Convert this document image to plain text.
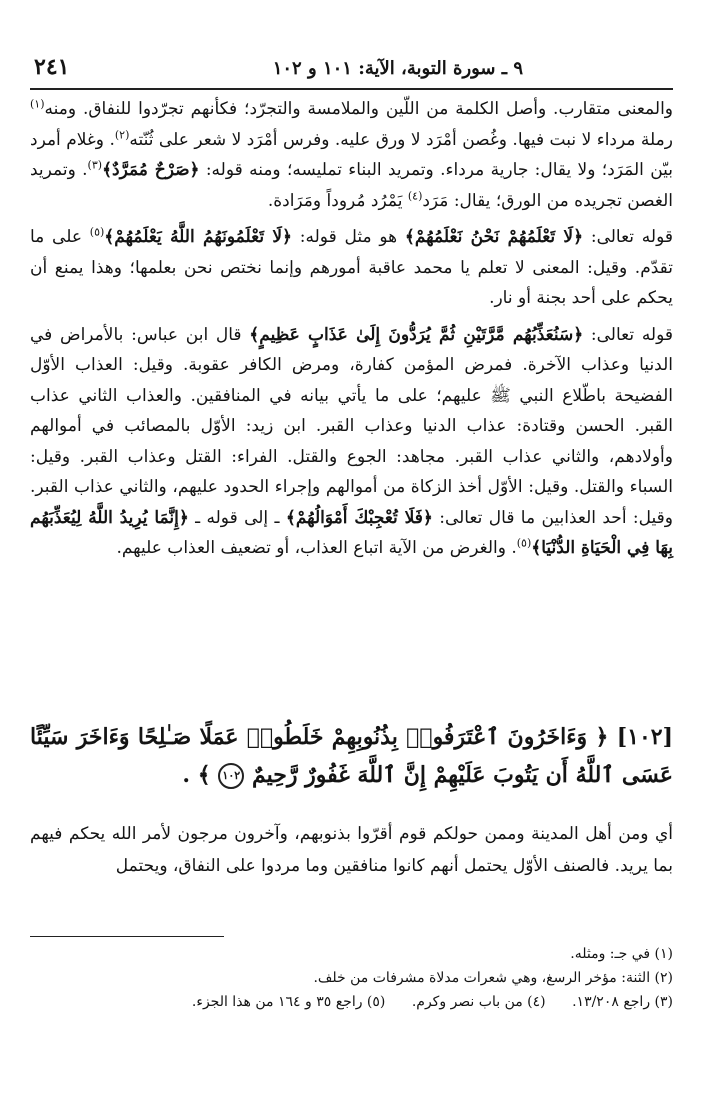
٩ ـ سورة التوبة، الآية: ١٠١ و ١٠٢
٢٤١

والمعنى متقارب. وأصل الكلمة من اللّين والملامسة والتجرّد؛ فكأنهم تجرّدوا للنفاق. ومنه$^{(١)}$ رملة مرداء لا نبت فيها. وغُصن أمْرَد لا ورق عليه. وفرس أمْرَد لا شعر على ثُنّته$^{(٢)}$. وغلام أمرد بيّن المَرَد؛ ولا يقال: جارية مرداء. وتمريد البناء تمليسه؛ ومنه قوله: ﴿صَرْحٌ مُمَرَّدٌ﴾$^{(٣)}$. وتمريد الغصن تجريده من الورق؛ يقال: مَرَد$^{(٤)}$ يَمْرُد مُروداً ومَرَادة.

قوله تعالى: ﴿لَا تَعْلَمُهُمْ نَحْنُ نَعْلَمُهُمْ﴾ هو مثل قوله: ﴿لَا تَعْلَمُونَهُمُ اللَّهُ يَعْلَمُهُمْ﴾$^{(٥)}$ على ما تقدّم. وقيل: المعنى لا تعلم يا محمد عاقبة أمورهم وإنما نختص نحن بعلمها؛ وهذا يمنع أن يحكم على أحد بجنة أو نار.

قوله تعالى: ﴿سَنُعَذِّبُهُم مَّرَّتَيْنِ ثُمَّ يُرَدُّونَ إِلَىٰ عَذَابٍ عَظِيمٍ﴾ قال ابن عباس: بالأمراض في الدنيا وعذاب الآخرة. فمرض المؤمن كفارة، ومرض الكافر عقوبة. وقيل: العذاب الأوّل الفضيحة باطّلاع النبي ﷺ عليهم؛ على ما يأتي بيانه في المنافقين. والعذاب الثاني عذاب القبر. الحسن وقتادة: عذاب الدنيا وعذاب القبر. ابن زيد: الأوّل بالمصائب في أموالهم وأولادهم، والثاني عذاب القبر. مجاهد: الجوع والقتل. الفراء: القتل وعذاب القبر. وقيل: السباء والقتل. وقيل: الأوّل أخذ الزكاة من أموالهم وإجراء الحدود عليهم، والثاني عذاب القبر. وقيل: أحد العذابين ما قال تعالى: ﴿فَلَا تُعْجِبْكَ أَمْوَالُهُمْ﴾ ـ إلى قوله ـ ﴿إِنَّمَا يُرِيدُ اللَّهُ لِيُعَذِّبَهُم بِهَا فِي الْحَيَاةِ الدُّنْيَا﴾$^{(٥)}$. والغرض من الآية اتباع العذاب، أو تضعيف العذاب عليهم.

[١٠٢] ﴿ وَءَاخَرُونَ ٱعْتَرَفُوا۟ بِذُنُوبِهِمْ خَلَطُوا۟ عَمَلًا صَـٰلِحًا وَءَاخَرَ سَيِّئًا عَسَى ٱللَّهُ أَن يَتُوبَ عَلَيْهِمْ إِنَّ ٱللَّهَ غَفُورٌ رَّحِيمٌ ١٠٢ ﴾ .
أي ومن أهل المدينة وممن حولكم قوم أقرّوا بذنوبهم، وآخرون مرجون لأمر الله يحكم فيهم بما يريد. فالصنف الأوّل يحتمل أنهم كانوا منافقين وما مردوا على النفاق، ويحتمل
(١) في جـ: ومثله.
(٢) الثنة: مؤخر الرسغ، وهي شعرات مدلاة مشرفات من خلف.
(٣) راجع ١٣/٢٠٨. (٤) من باب نصر وكرم. (٥) راجع ٣٥ و ١٦٤ من هذا الجزء.
